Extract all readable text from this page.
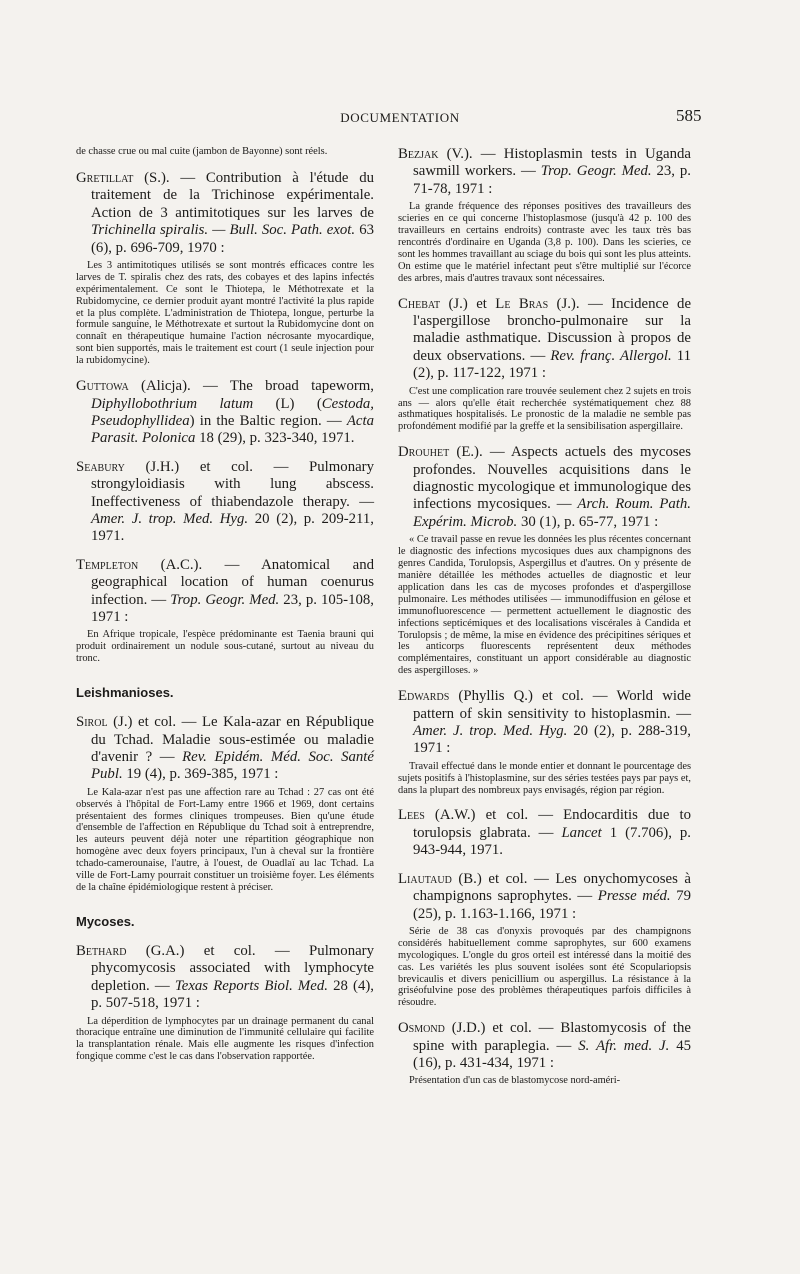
DOCUMENTATION	585

de chasse crue ou mal cuite (jambon de Bayonne) sont réels.

Gretillat (S.). — Contribution à l'étude du traitement de la Trichinose expérimentale. Action de 3 antimitotiques sur les larves de Trichinella spiralis. — Bull. Soc. Path. exot. 63 (6), p. 696-709, 1970 :

Les 3 antimitotiques utilisés se sont montrés efficaces contre les larves de T. spiralis chez des rats, des cobayes et des lapins infectés expérimentalement. Ce sont le Thiotepa, le Méthotrexate et la Rubidomycine, ce dernier produit ayant montré l'activité la plus rapide et la plus complète. L'administration de Thiotepa, longue, perturbe la formule sanguine, le Méthotrexate et surtout la Rubidomycine dont on connaît en thérapeutique humaine l'action nécrosante myocardique, sont bien supportés, mais le traitement est court (1 seule injection pour la rubidomycine).

Guttowa (Alicja). — The broad tapeworm, Diphyllobothrium latum (L) (Cestoda, Pseudophyllidea) in the Baltic region. — Acta Parasit. Polonica 18 (29), p. 323-340, 1971.

Seabury (J.H.) et col. — Pulmonary strongyloidiasis with lung abscess. Ineffectiveness of thiabendazole therapy. — Amer. J. trop. Med. Hyg. 20 (2), p. 209-211, 1971.

Templeton (A.C.). — Anatomical and geographical location of human coenurus infection. — Trop. Geogr. Med. 23, p. 105-108, 1971 :

En Afrique tropicale, l'espèce prédominante est Taenia brauni qui produit ordinairement un nodule sous-cutané, surtout au niveau du tronc.

Leishmanioses.

Sirol (J.) et col. — Le Kala-azar en République du Tchad. Maladie sous-estimée ou maladie d'avenir ? — Rev. Epidém. Méd. Soc. Santé Publ. 19 (4), p. 369-385, 1971 :

Le Kala-azar n'est pas une affection rare au Tchad : 27 cas ont été observés à l'hôpital de Fort-Lamy entre 1966 et 1969, dont certains présentaient des formes cliniques trompeuses. Bien qu'une étude d'ensemble de l'affection en République du Tchad soit à entreprendre, les auteurs peuvent déjà noter une répartition géographique non homogène avec deux foyers principaux, l'un à cheval sur la frontière tchado-camerounaise, l'autre, à l'ouest, de Ouadlaï au lac Tchad. La ville de Fort-Lamy pourrait constituer un troisième foyer. Les éléments de la chaîne épidémiologique restent à préciser.

Mycoses.

Bethard (G.A.) et col. — Pulmonary phycomycosis associated with lymphocyte depletion. — Texas Reports Biol. Med. 28 (4), p. 507-518, 1971 :

La déperdition de lymphocytes par un drainage permanent du canal thoracique entraîne une diminution de l'immunité cellulaire qui facilite la transplantation rénale. Mais elle augmente les risques d'infection fongique comme c'est le cas dans l'observation rapportée.

Bezjak (V.). — Histoplasmin tests in Uganda sawmill workers. — Trop. Geogr. Med. 23, p. 71-78, 1971 :

La grande fréquence des réponses positives des travailleurs des scieries en ce qui concerne l'histoplasmose (jusqu'à 42 p. 100 des travailleurs en certains endroits) contraste avec les taux très bas rencontrés d'ordinaire en Uganda (3,8 p. 100). Dans les scieries, ce sont les hommes travaillant au sciage du bois qui sont les plus atteints. On estime que le matériel infectant peut s'être multiplié sur l'écorce des arbres, mais d'autres travaux sont nécessaires.

Chebat (J.) et Le Bras (J.). — Incidence de l'aspergillose broncho-pulmonaire sur la maladie asthmatique. Discussion à propos de deux observations. — Rev. franç. Allergol. 11 (2), p. 117-122, 1971 :

C'est une complication rare trouvée seulement chez 2 sujets en trois ans — alors qu'elle était recherchée systématiquement chez 88 asthmatiques hospitalisés. Le pronostic de la maladie ne semble pas profondément modifié par la greffe et la sensibilisation aspergillaire.

Drouhet (E.). — Aspects actuels des mycoses profondes. Nouvelles acquisitions dans le diagnostic mycologique et immunologique des infections mycosiques. — Arch. Roum. Path. Expérim. Microb. 30 (1), p. 65-77, 1971 :

« Ce travail passe en revue les données les plus récentes concernant le diagnostic des infections mycosiques dues aux champignons des genres Candida, Torulopsis, Aspergillus et d'autres. On y présente de manière détaillée les méthodes actuelles de diagnostic et leur application dans les cas de mycoses profondes et d'aspergillose pulmonaire. Les méthodes utilisées — immunodiffusion en gélose et immunofluorescence — permettent actuellement le diagnostic des infections septicémiques et des localisations viscérales à Candida et Torulopsis ; de même, la mise en évidence des précipitines sériques et les anticorps fluorescents représentent deux méthodes complémentaires, constituant un apport considérable au diagnostic des aspergilloses. »

Edwards (Phyllis Q.) et col. — World wide pattern of skin sensitivity to histoplasmin. — Amer. J. trop. Med. Hyg. 20 (2), p. 288-319, 1971 :

Travail effectué dans le monde entier et donnant le pourcentage des sujets positifs à l'histoplasmine, sur des séries testées pays par pays et, dans la plupart des nombreux pays envisagés, région par région.

Lees (A.W.) et col. — Endocarditis due to torulopsis glabrata. — Lancet 1 (7.706), p. 943-944, 1971.

Liautaud (B.) et col. — Les onychomycoses à champignons saprophytes. — Presse méd. 79 (25), p. 1.163-1.166, 1971 :

Série de 38 cas d'onyxis provoqués par des champignons considérés habituellement comme saprophytes, sur 600 examens mycologiques. L'ongle du gros orteil est intéressé dans la moitié des cas. Les variétés les plus souvent isolées sont été Scopulariopsis brevicaulis et divers penicillium ou aspergillus. La résistance à la griséofulvine pose des problèmes thérapeutiques parfois difficiles à résoudre.

Osmond (J.D.) et col. — Blastomycosis of the spine with paraplegia. — S. Afr. med. J. 45 (16), p. 431-434, 1971 :

Présentation d'un cas de blastomycose nord-améri-
